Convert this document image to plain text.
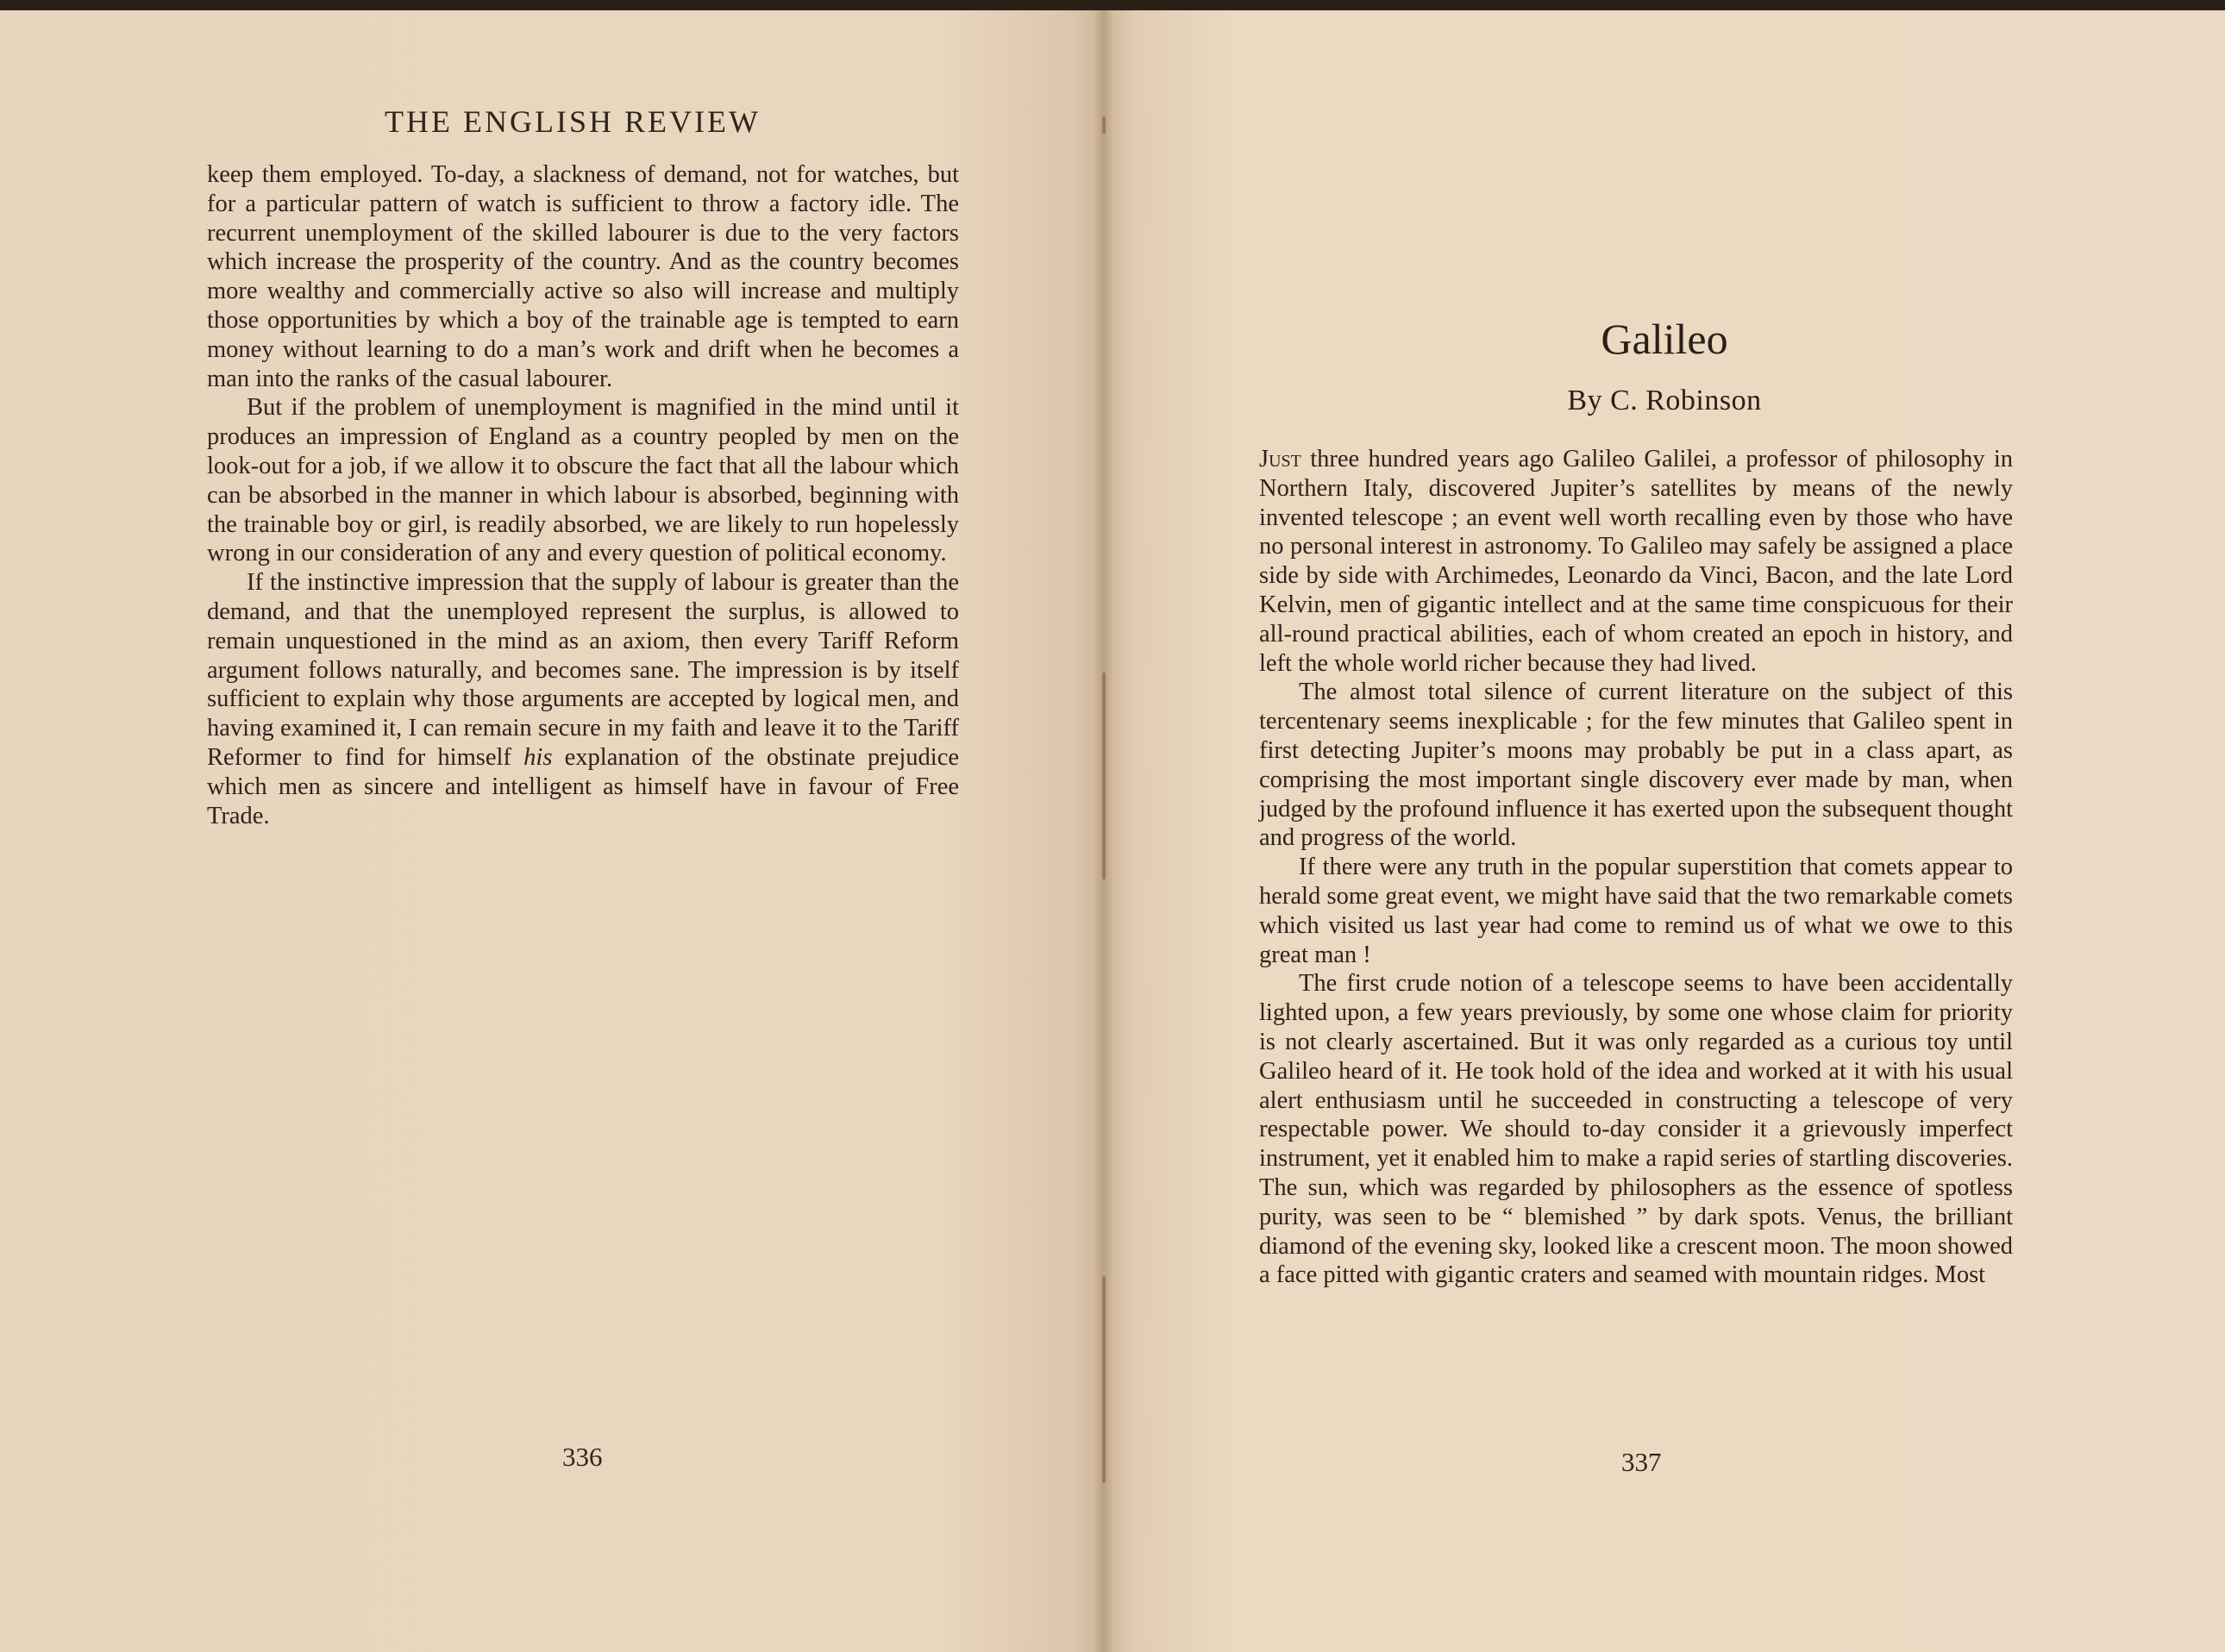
THE ENGLISH REVIEW

keep them employed. To-day, a slackness of demand, not for watches, but for a particular pattern of watch is sufficient to throw a factory idle. The recurrent unemployment of the skilled labourer is due to the very factors which increase the prosperity of the country. And as the country becomes more wealthy and commercially active so also will increase and multiply those opportunities by which a boy of the trainable age is tempted to earn money without learning to do a man’s work and drift when he becomes a man into the ranks of the casual labourer.

But if the problem of unemployment is magnified in the mind until it produces an impression of England as a country peopled by men on the look-out for a job, if we allow it to obscure the fact that all the labour which can be absorbed in the manner in which labour is absorbed, beginning with the trainable boy or girl, is readily absorbed, we are likely to run hopelessly wrong in our consideration of any and every question of political economy.

If the instinctive impression that the supply of labour is greater than the demand, and that the unemployed represent the surplus, is allowed to remain unquestioned in the mind as an axiom, then every Tariff Reform argument follows naturally, and becomes sane. The impression is by itself sufficient to explain why those arguments are accepted by logical men, and having examined it, I can remain secure in my faith and leave it to the Tariff Reformer to find for himself his explanation of the obstinate prejudice which men as sincere and intelligent as himself have in favour of Free Trade.

336
Galileo
By C. Robinson

Just three hundred years ago Galileo Galilei, a professor of philosophy in Northern Italy, discovered Jupiter’s satellites by means of the newly invented telescope ; an event well worth recalling even by those who have no personal interest in astronomy. To Galileo may safely be assigned a place side by side with Archimedes, Leonardo da Vinci, Bacon, and the late Lord Kelvin, men of gigantic intellect and at the same time conspicuous for their all-round practical abilities, each of whom created an epoch in history, and left the whole world richer because they had lived.

The almost total silence of current literature on the subject of this tercentenary seems inexplicable ; for the few minutes that Galileo spent in first detecting Jupiter’s moons may probably be put in a class apart, as comprising the most important single discovery ever made by man, when judged by the profound influence it has exerted upon the subsequent thought and progress of the world.

If there were any truth in the popular superstition that comets appear to herald some great event, we might have said that the two remarkable comets which visited us last year had come to remind us of what we owe to this great man !

The first crude notion of a telescope seems to have been accidentally lighted upon, a few years previously, by some one whose claim for priority is not clearly ascertained. But it was only regarded as a curious toy until Galileo heard of it. He took hold of the idea and worked at it with his usual alert enthusiasm until he succeeded in constructing a telescope of very respectable power. We should to-day consider it a grievously imperfect instrument, yet it enabled him to make a rapid series of startling discoveries. The sun, which was regarded by philosophers as the essence of spotless purity, was seen to be “ blemished ” by dark spots. Venus, the brilliant diamond of the evening sky, looked like a crescent moon. The moon showed a face pitted with gigantic craters and seamed with mountain ridges. Most

337
